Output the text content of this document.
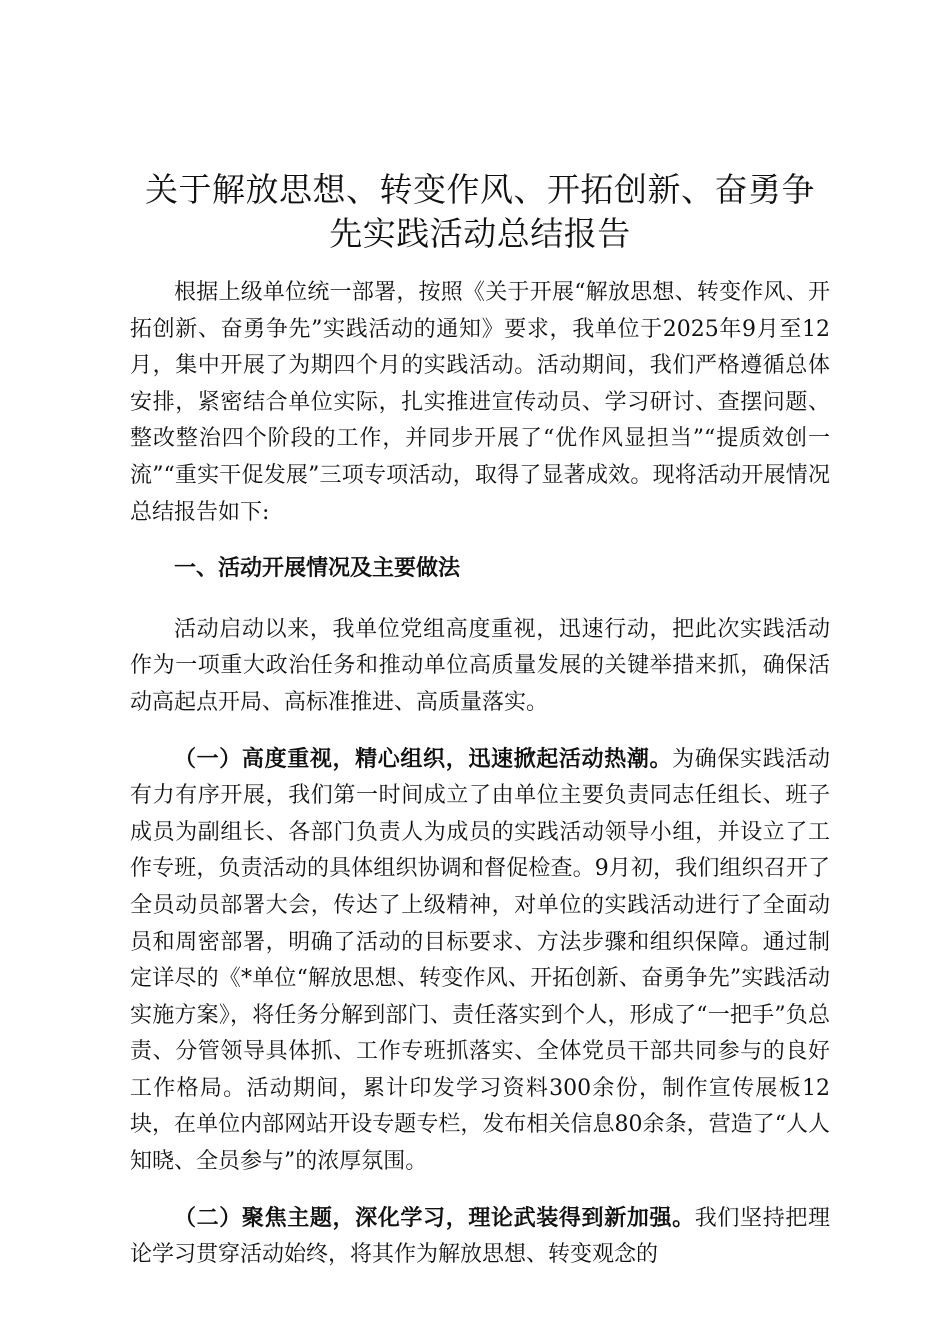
关于解放思想、转变作风、开拓创新、奋勇争
先实践活动总结报告

根据上级单位统一部署，按照《关于开展“解放思想、转变作风、开拓创新、奋勇争先”实践活动的通知》要求，我单位于2025年9月至12月，集中开展了为期四个月的实践活动。活动期间，我们严格遵循总体安排，紧密结合单位实际，扎实推进宣传动员、学习研讨、查摆问题、整改整治四个阶段的工作，并同步开展了“优作风显担当”“提质效创一流”“重实干促发展”三项专项活动，取得了显著成效。现将活动开展情况总结报告如下:

一、活动开展情况及主要做法

活动启动以来，我单位党组高度重视，迅速行动，把此次实践活动作为一项重大政治任务和推动单位高质量发展的关键举措来抓，确保活动高起点开局、高标准推进、高质量落实。

（一）高度重视，精心组织，迅速掀起活动热潮。为确保实践活动有力有序开展，我们第一时间成立了由单位主要负责同志任组长、班子成员为副组长、各部门负责人为成员的实践活动领导小组，并设立了工作专班，负责活动的具体组织协调和督促检查。9月初，我们组织召开了全员动员部署大会，传达了上级精神，对单位的实践活动进行了全面动员和周密部署，明确了活动的目标要求、方法步骤和组织保障。通过制定详尽的《*单位“解放思想、转变作风、开拓创新、奋勇争先”实践活动实施方案》，将任务分解到部门、责任落实到个人，形成了“一把手”负总责、分管领导具体抓、工作专班抓落实、全体党员干部共同参与的良好工作格局。活动期间，累计印发学习资料300余份，制作宣传展板12块，在单位内部网站开设专题专栏，发布相关信息80余条，营造了“人人知晓、全员参与”的浓厚氛围。

（二）聚焦主题，深化学习，理论武装得到新加强。我们坚持把理论学习贯穿活动始终，将其作为解放思想、转变观念的
